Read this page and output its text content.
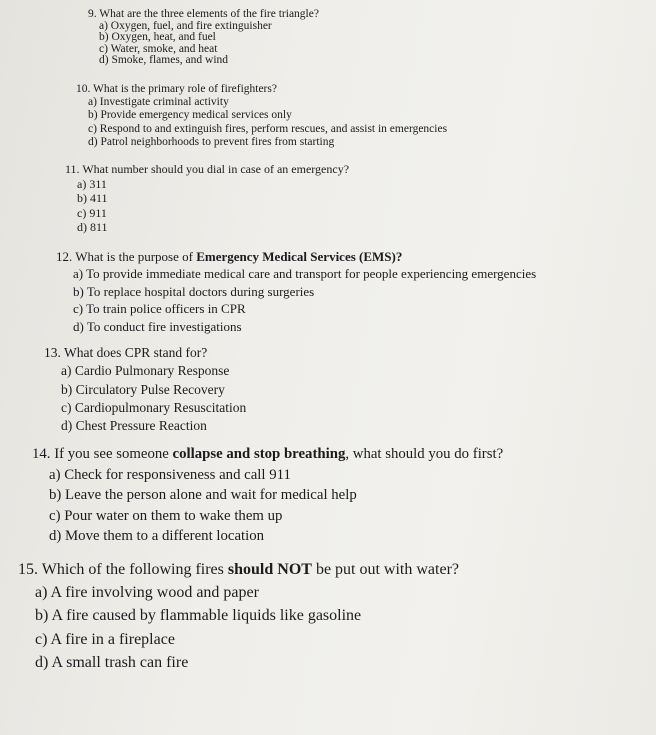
9. What are the three elements of the fire triangle?
a) Oxygen, fuel, and fire extinguisher
b) Oxygen, heat, and fuel
c) Water, smoke, and heat
d) Smoke, flames, and wind
10. What is the primary role of firefighters?
a) Investigate criminal activity
b) Provide emergency medical services only
c) Respond to and extinguish fires, perform rescues, and assist in emergencies
d) Patrol neighborhoods to prevent fires from starting
11. What number should you dial in case of an emergency?
a) 311
b) 411
c) 911
d) 811
12. What is the purpose of Emergency Medical Services (EMS)?
a) To provide immediate medical care and transport for people experiencing emergencies
b) To replace hospital doctors during surgeries
c) To train police officers in CPR
d) To conduct fire investigations
13. What does CPR stand for?
a) Cardio Pulmonary Response
b) Circulatory Pulse Recovery
c) Cardiopulmonary Resuscitation
d) Chest Pressure Reaction
14. If you see someone collapse and stop breathing, what should you do first?
a) Check for responsiveness and call 911
b) Leave the person alone and wait for medical help
c) Pour water on them to wake them up
d) Move them to a different location
15. Which of the following fires should NOT be put out with water?
a) A fire involving wood and paper
b) A fire caused by flammable liquids like gasoline
c) A fire in a fireplace
d) A small trash can fire
